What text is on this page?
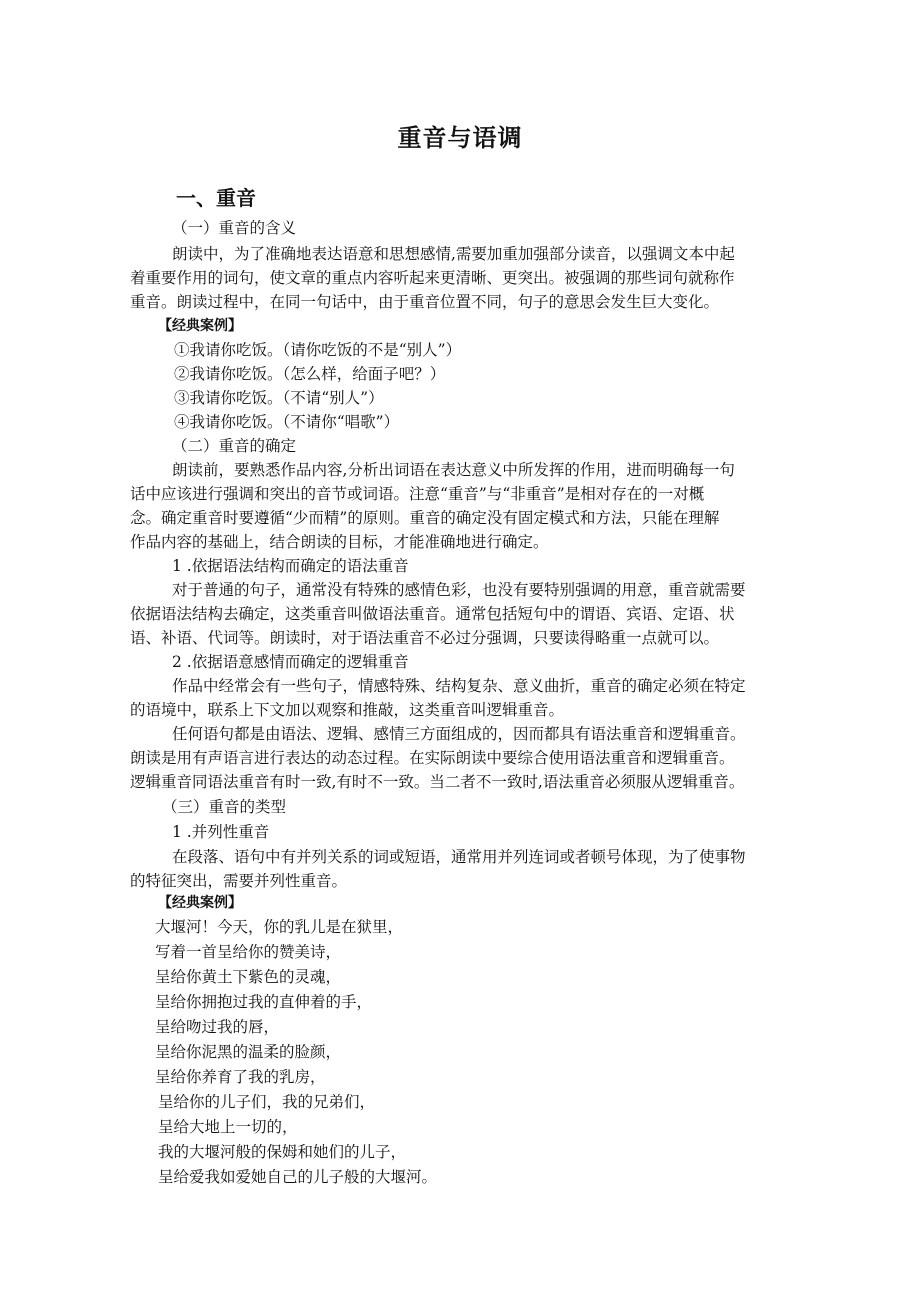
重音与语调
一、重音
（一）重音的含义
朗读中，为了准确地表达语意和思想感情,需要加重加强部分读音，以强调文本中起
着重要作用的词句，使文章的重点内容听起来更清晰、更突出。被强调的那些词句就称作
重音。朗读过程中，在同一句话中，由于重音位置不同，句子的意思会发生巨大变化。
【经典案例】
①我请你吃饭。（请你吃饭的不是“别人”）
②我请你吃饭。（怎么样，给面子吧？）
③我请你吃饭。（不请“别人”）
④我请你吃饭。（不请你“唱歌”）
（二）重音的确定
朗读前，要熟悉作品内容,分析出词语在表达意义中所发挥的作用，进而明确每一句
话中应该进行强调和突出的音节或词语。注意“重音”与“非重音”是相对存在的一对概
念。确定重音时要遵循“少而精”的原则。重音的确定没有固定模式和方法，只能在理解
作品内容的基础上，结合朗读的目标，才能准确地进行确定。
1 .依据语法结构而确定的语法重音
对于普通的句子，通常没有特殊的感情色彩，也没有要特别强调的用意，重音就需要
依据语法结构去确定，这类重音叫做语法重音。通常包括短句中的谓语、宾语、定语、状
语、补语、代词等。朗读时，对于语法重音不必过分强调，只要读得略重一点就可以。
2 .依据语意感情而确定的逻辑重音
作品中经常会有一些句子，情感特殊、结构复杂、意义曲折，重音的确定必须在特定
的语境中，联系上下文加以观察和推敲，这类重音叫逻辑重音。
任何语句都是由语法、逻辑、感情三方面组成的，因而都具有语法重音和逻辑重音。
朗读是用有声语言进行表达的动态过程。在实际朗读中要综合使用语法重音和逻辑重音。
逻辑重音同语法重音有时一致,有时不一致。当二者不一致时,语法重音必须服从逻辑重音。
（三）重音的类型
1 .并列性重音
在段落、语句中有并列关系的词或短语，通常用并列连词或者顿号体现，为了使事物
的特征突出，需要并列性重音。
【经典案例】
大堰河！今天，你的乳儿是在狱里，
写着一首呈给你的赞美诗，
呈给你黄土下紫色的灵魂，
呈给你拥抱过我的直伸着的手，
呈给吻过我的唇，
呈给你泥黑的温柔的脸颜，
呈给你养育了我的乳房，
呈给你的儿子们，我的兄弟们，
呈给大地上一切的，
我的大堰河般的保姆和她们的儿子，
呈给爱我如爱她自己的儿子般的大堰河。
